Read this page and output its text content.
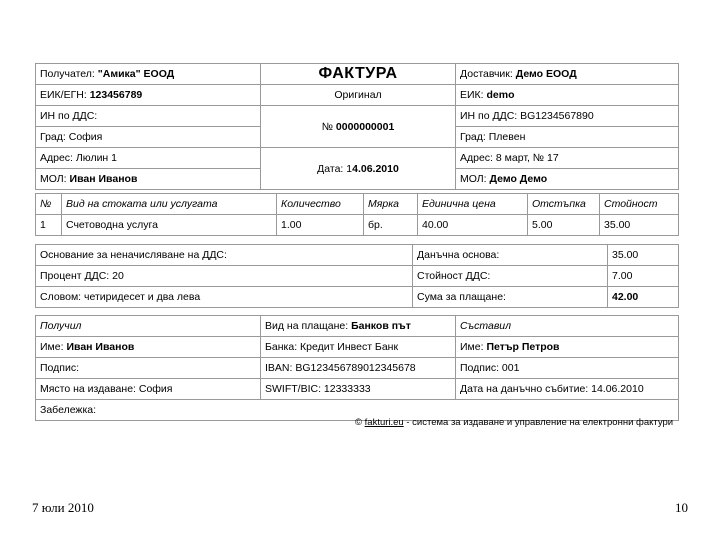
Получател: "Амика" ЕООД	ФАКТУРА	Доставчик: Демо ЕООД
ЕИК/ЕГН: 123456789	Оригинал	ЕИК: demo
ИН по ДДС:	№ 0000000001	ИН по ДДС: BG1234567890
Град: София		Град: Плевен
Адрес: Люлин 1	Дата: 14.06.2010	Адрес: 8 март, № 17
МОЛ: Иван Иванов		МОЛ: Демо Демо
№	Вид на стоката или услугата	Количество	Мярка	Единична цена	Отстъпка	Стойност
1	Счетоводна услуга	1.00	бр.	40.00	5.00	35.00
Основание за неначисляване на ДДС:	Данъчна основа:	35.00
Процент ДДС: 20	Стойност ДДС:	7.00
Словом: четиридесет и два лева	Сума за плащане:	42.00
Получил	Вид на плащане: Банков път	Съставил
Име: Иван Иванов	Банка: Кредит Инвест Банк	Име: Петър Петров
Подпис:	IBAN: BG123456789012345678	Подпис: 001
Място на издаване: София	SWIFT/BIC: 12333333	Дата на данъчно събитие: 14.06.2010
Забележка:		
© fakturi.eu - система за издаване и управление на електронни фактури
7 юли 2010	10
